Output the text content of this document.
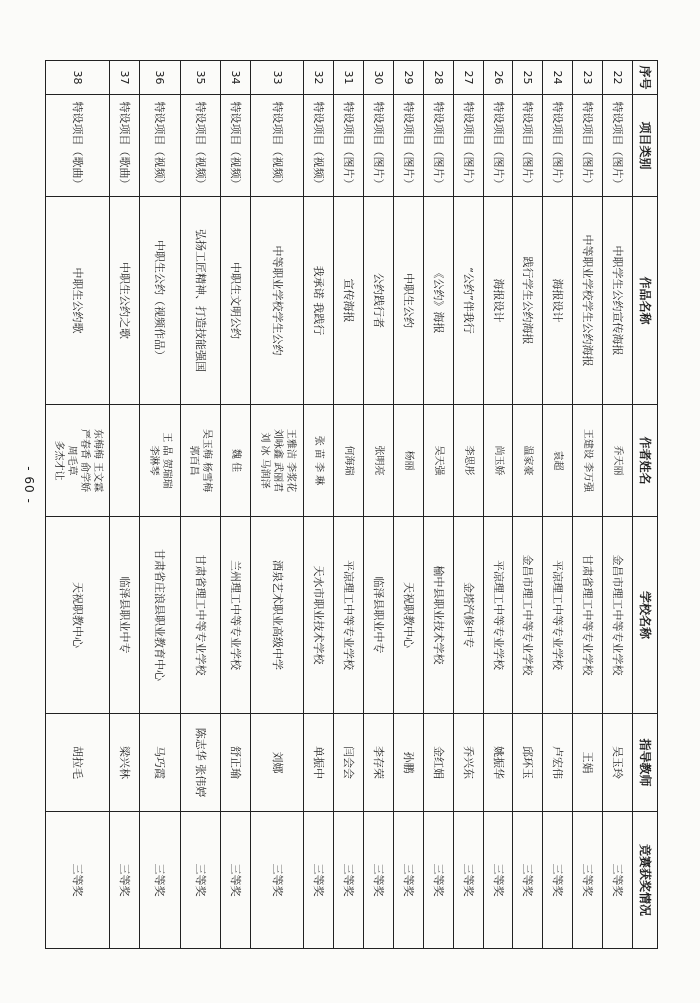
序号	项目类别	作品名称	作者姓名	学校名称	指导教师	竞赛获奖情况
22	特设项目（图片）	中职学生公约宣传海报	乔天丽	金昌市理工中等专业学校	吴玉玲	三等奖
23	特设项目（图片）	中等职业学校学生公约海报	王建设 李万强	甘肃省理工中等专业学校	王娟	三等奖
24	特设项目（图片）	海报设计	袁超	平凉理工中等专业学校	卢宏伟	三等奖
25	特设项目（图片）	践行学生公约海报	温家豪	金昌市理工中等专业学校	邱环玉	三等奖
26	特设项目（图片）	海报设计	尚玉娇	平凉理工中等专业学校	姚振华	三等奖
27	特设项目（图片）	“公约”伴我行	李思彤	金塔汽修中专	乔兴东	三等奖
28	特设项目（图片）	《公约》海报	吴天强	榆中县职业技术学校	金红娟	三等奖
29	特设项目（图片）	中职生公约	杨丽	天祝职教中心	孙鹏	三等奖
30	特设项目（图片）	公约践行者	张明亮	临泽县职业中专	李存荣	三等奖
31	特设项目（图片）	宣传海报	何海瑞	平凉理工中等专业学校	闫会会	三等奖
32	特设项目（视频）	我承诺 我践行	张 苗 李 琳	天水市职业技术学校	单振中	三等奖
33	特设项目（视频）	中等职业学校学生公约	王雅洁 李浆花
刘咏鑫 武丽君
刘 冰 马润泽	酒泉艺术职业高级中学	刘娜	三等奖
34	特设项目（视频）	中职生文明公约	魏 佳	兰州理工中等专业学校	舒正瑜	三等奖
35	特设项目（视频）	弘扬工匠精神、打造技能强国	吴玉梅 杨雪梅
郭百昌	甘肃省理工中等专业学校	陈志华 张伟婷	三等奖
36	特设项目（视频）	中职生公约（视频作品）	王 晶 贺瑞瑞
李淋琴	甘肃省庄浪县职业教育中心	马巧霞	三等奖
37	特设项目（歌曲）	中职生公约之歌		临泽县职业中专	梁兴林	三等奖
38	特设项目（歌曲）	中职生公约歌	东梅梅 王文霖
严春香 俞学娇
周毛草
多杰才让	天祝职教中心	胡拉毛	三等奖
- 60 -
